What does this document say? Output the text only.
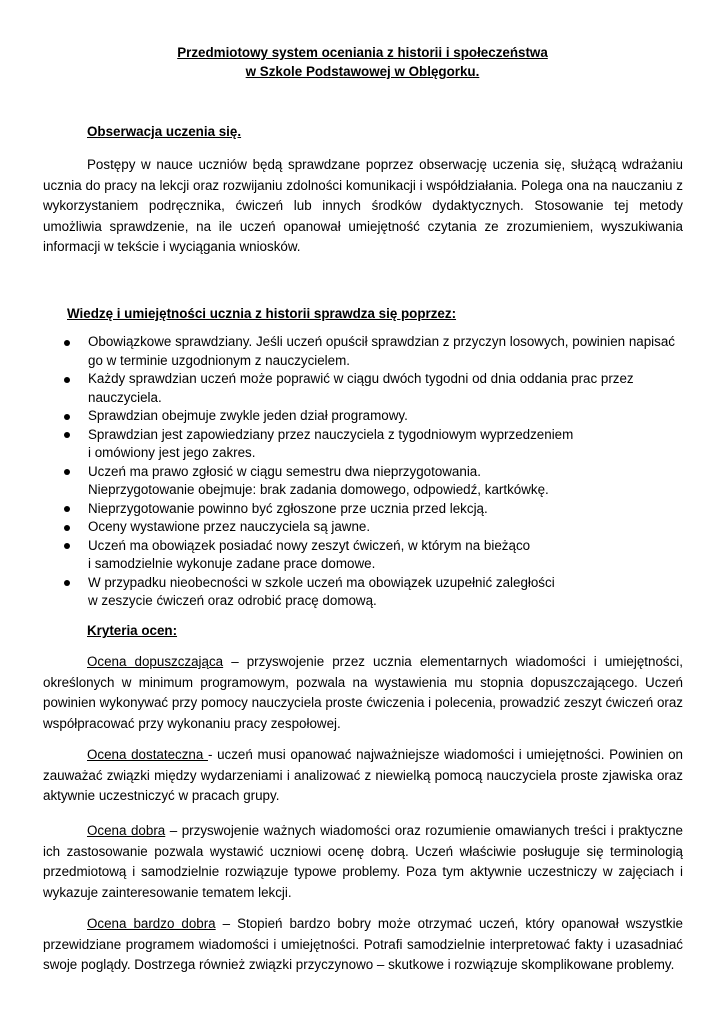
Przedmiotowy system oceniania z historii i społeczeństwa
w Szkole Podstawowej w Oblęgorku.
Obserwacja uczenia się.

Postępy w nauce uczniów będą sprawdzane poprzez obserwację uczenia się, służącą wdrażaniu ucznia do pracy na lekcji oraz rozwijaniu zdolności komunikacji i współdziałania. Polega ona na nauczaniu z wykorzystaniem podręcznika, ćwiczeń lub innych środków dydaktycznych. Stosowanie tej metody umożliwia sprawdzenie, na ile uczeń opanował umiejętność czytania ze zrozumieniem, wyszukiwania informacji w tekście i wyciągania wniosków.

Wiedzę i umiejętności ucznia z historii sprawdza się poprzez:
Obowiązkowe sprawdziany. Jeśli uczeń opuścił sprawdzian z przyczyn losowych, powinien napisać
go w terminie uzgodnionym z nauczycielem.
Każdy sprawdzian uczeń może poprawić w ciągu dwóch tygodni od dnia oddania prac przez
nauczyciela.
Sprawdzian obejmuje zwykle jeden dział programowy.
Sprawdzian jest zapowiedziany przez nauczyciela z tygodniowym wyprzedzeniem
i omówiony jest jego zakres.
Uczeń ma prawo zgłosić w ciągu semestru dwa nieprzygotowania.
Nieprzygotowanie obejmuje: brak zadania domowego, odpowiedź, kartkówkę.
Nieprzygotowanie powinno być zgłoszone prze ucznia przed lekcją.
Oceny wystawione przez nauczyciela są jawne.
Uczeń ma obowiązek posiadać nowy zeszyt ćwiczeń, w którym na bieżąco
i samodzielnie wykonuje zadane prace domowe.
W przypadku nieobecności w szkole uczeń ma obowiązek uzupełnić zaległości
w zeszycie ćwiczeń oraz odrobić pracę domową.
Kryteria ocen:

Ocena dopuszczająca – przyswojenie przez ucznia elementarnych wiadomości i umiejętności, określonych w minimum programowym, pozwala na wystawienia mu stopnia dopuszczającego. Uczeń powinien wykonywać przy pomocy nauczyciela proste ćwiczenia i polecenia, prowadzić zeszyt ćwiczeń oraz współpracować przy wykonaniu pracy zespołowej.

Ocena dostateczna - uczeń musi opanować najważniejsze wiadomości i umiejętności. Powinien on zauważać związki między wydarzeniami i analizować z niewielką pomocą nauczyciela proste zjawiska oraz aktywnie uczestniczyć w pracach grupy.

Ocena dobra – przyswojenie ważnych wiadomości oraz rozumienie omawianych treści i praktyczne ich zastosowanie pozwala wystawić uczniowi ocenę dobrą. Uczeń właściwie posługuje się terminologią przedmiotową i samodzielnie rozwiązuje typowe problemy. Poza tym aktywnie uczestniczy w zajęciach i wykazuje zainteresowanie tematem lekcji.

Ocena bardzo dobra – Stopień bardzo bobry może otrzymać uczeń, który opanował wszystkie przewidziane programem wiadomości i umiejętności. Potrafi samodzielnie interpretować fakty i uzasadniać swoje poglądy. Dostrzega również związki przyczynowo – skutkowe i rozwiązuje skomplikowane problemy.
